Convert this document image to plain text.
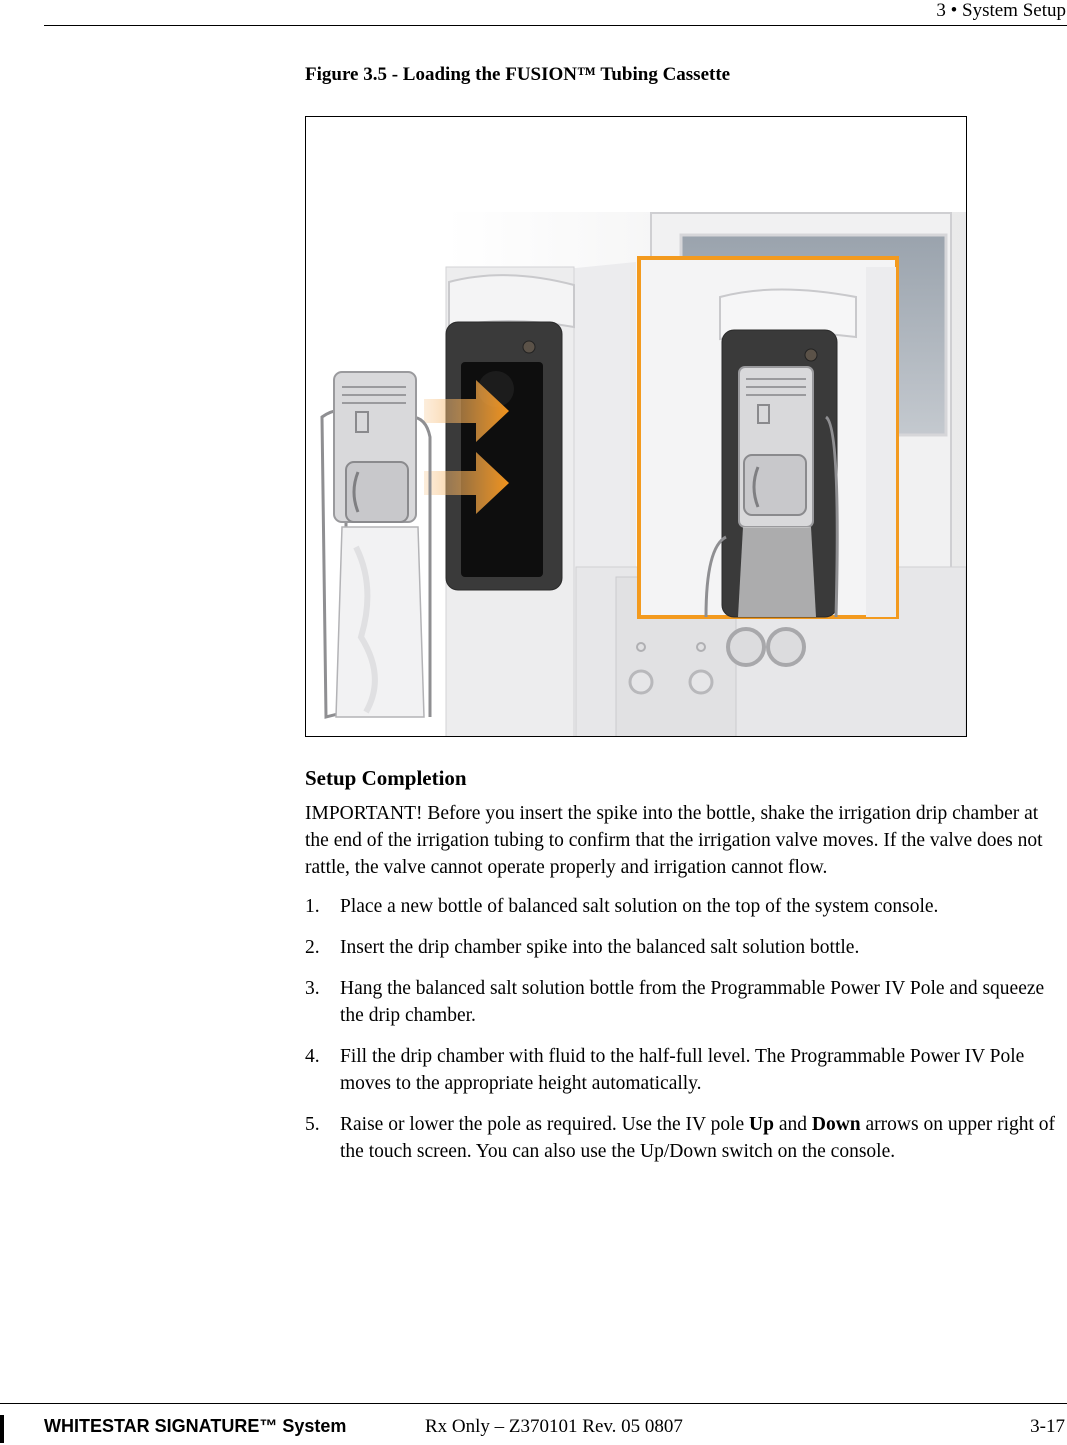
3 • System Setup
Figure 3.5 - Loading the FUSION™ Tubing Cassette
Setup Completion
IMPORTANT! Before you insert the spike into the bottle, shake the irrigation drip chamber at the end of the irrigation tubing to confirm that the irrigation valve moves. If the valve does not rattle, the valve cannot operate properly and irrigation cannot flow.
1.	Place a new bottle of balanced salt solution on the top of the system console.
2.	Insert the drip chamber spike into the balanced salt solution bottle.
3.	Hang the balanced salt solution bottle from the Programmable Power IV Pole and squeeze the drip chamber.
4.	Fill the drip chamber with fluid to the half-full level. The Programmable Power IV Pole moves to the appropriate height automatically.
5.	Raise or lower the pole as required. Use the IV pole Up and Down arrows on upper right of the touch screen. You can also use the Up/Down switch on the console.
WHITESTAR SIGNATURE™ System	Rx Only – Z370101 Rev. 05 0807	3-17
